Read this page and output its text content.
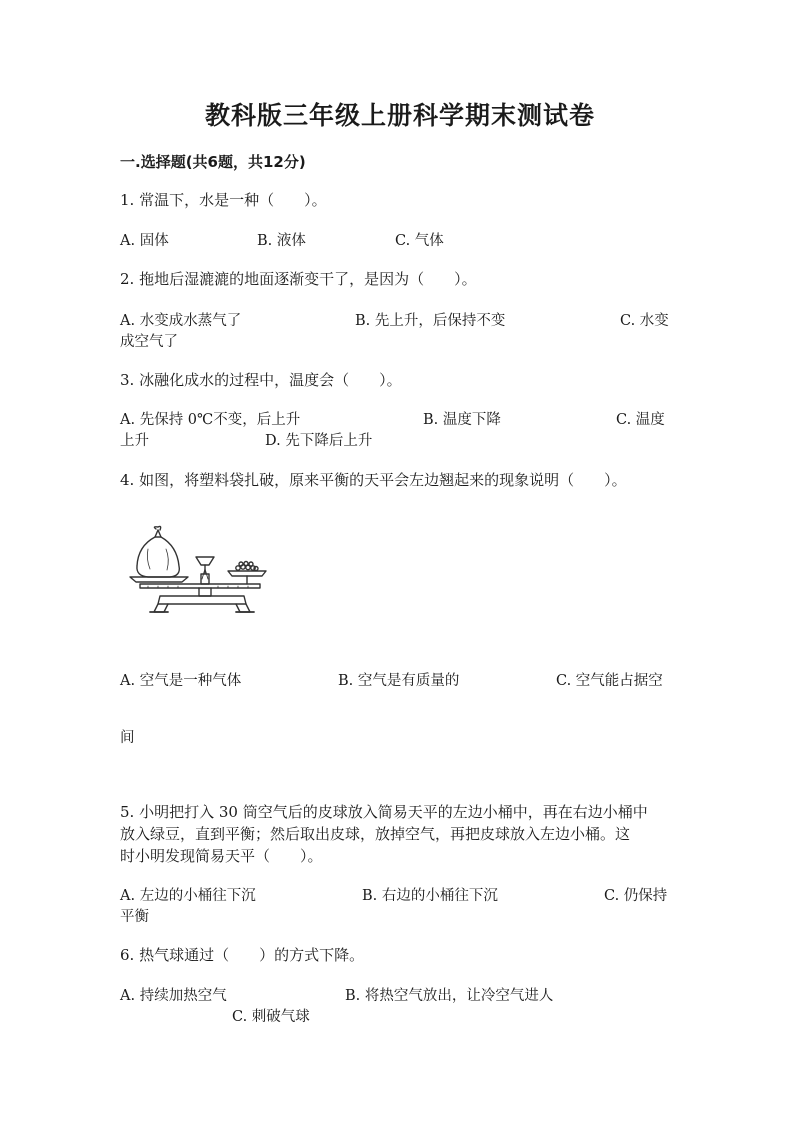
教科版三年级上册科学期末测试卷
一.选择题(共6题，共12分)
1. 常温下，水是一种（　　）。
A. 固体	B. 液体	C. 气体
2. 拖地后湿漉漉的地面逐渐变干了，是因为（　　）。
A. 水变成水蒸气了	B. 先上升，后保持不变	C. 水变
成空气了
3. 冰融化成水的过程中，温度会（　　）。
A. 先保持 0℃不变，后上升	B. 温度下降	C. 温度
上升	D. 先下降后上升
4. 如图，将塑料袋扎破，原来平衡的天平会左边翘起来的现象说明（　　）。
A. 空气是一种气体	B. 空气是有质量的	C. 空气能占据空
间
5. 小明把打入 30 筒空气后的皮球放入简易天平的左边小桶中，再在右边小桶中
放入绿豆，直到平衡；然后取出皮球，放掉空气，再把皮球放入左边小桶。这
时小明发现简易天平（　　）。
A. 左边的小桶往下沉	B. 右边的小桶往下沉	C. 仍保持
平衡
6. 热气球通过（　　）的方式下降。
A. 持续加热空气	B. 将热空气放出，让冷空气进人
C. 刺破气球
